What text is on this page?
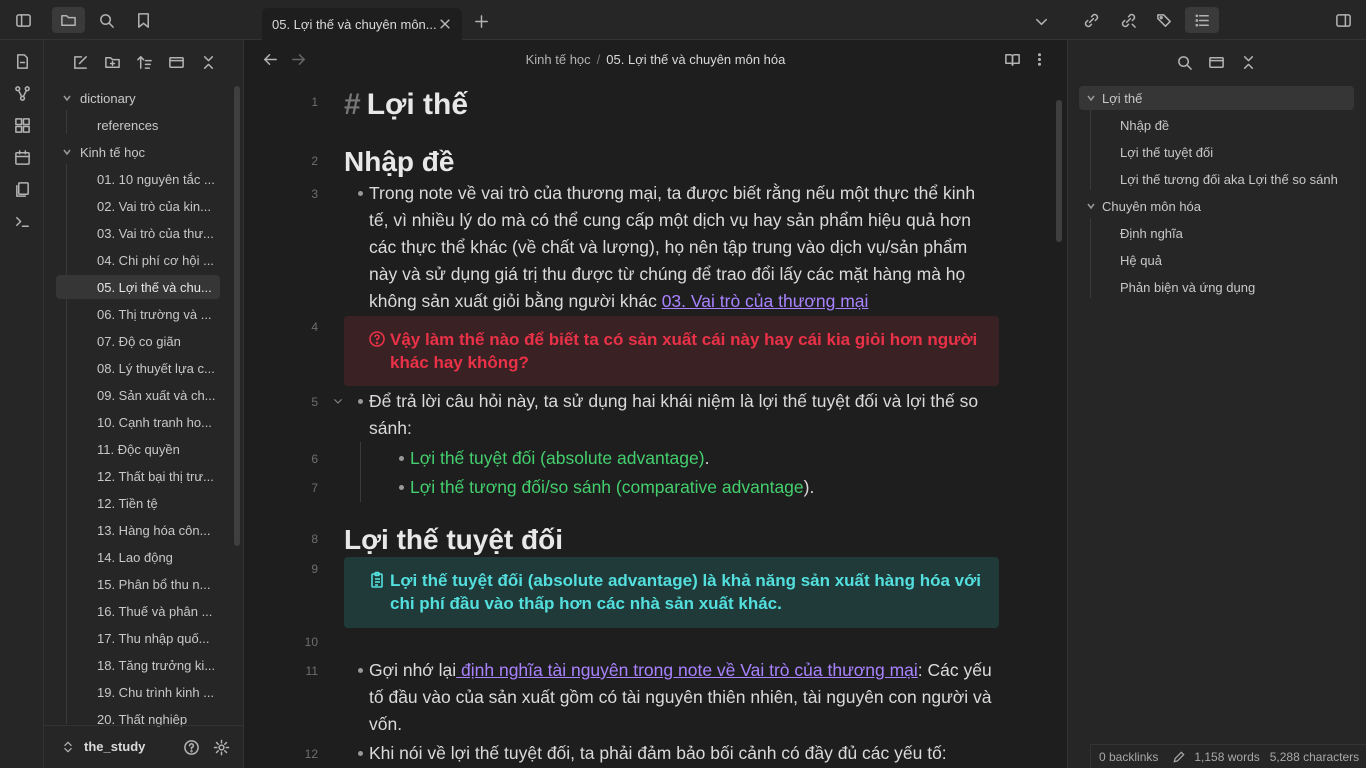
05. Lợi thế và chuyên môn...
dictionary
references
Kinh tế học
01. 10 nguyên tắc ...
02. Vai trò của kin...
03. Vai trò của thư...
04. Chi phí cơ hội ...
05. Lợi thế và chu...
06. Thị trường và ...
07. Độ co giãn
08. Lý thuyết lựa c...
09. Sản xuất và ch...
10. Cạnh tranh ho...
11. Độc quyền
12. Thất bại thị trư...
12. Tiền tệ
13. Hàng hóa côn...
14. Lao động
15. Phân bổ thu n...
16. Thuế và phân ...
17. Thu nhập quố...
18. Tăng trưởng ki...
19. Chu trình kinh ...
20. Thất nghiệp
the_study
Kinh tế học / 05. Lợi thế và chuyên môn hóa
1
2
3
4
5
6
7
8
9
10
11
12
# Lợi thế
Nhập đề
Trong note về vai trò của thương mại, ta được biết rằng nếu một thực thể kinh tế, vì nhiều lý do mà có thể cung cấp một dịch vụ hay sản phẩm hiệu quả hơn các thực thể khác (về chất và lượng), họ nên tập trung vào dịch vụ/sản phẩm này và sử dụng giá trị thu được từ chúng để trao đổi lấy các mặt hàng mà họ không sản xuất giỏi bằng người khác 03. Vai trò của thương mại
Vậy làm thế nào để biết ta có sản xuất cái này hay cái kia giỏi hơn người khác hay không?
Để trả lời câu hỏi này, ta sử dụng hai khái niệm là lợi thế tuyệt đối và lợi thế so sánh:
Lợi thế tuyệt đối (absolute advantage).
Lợi thế tương đối/so sánh (comparative advantage).
Lợi thế tuyệt đối
Lợi thế tuyệt đối (absolute advantage) là khả năng sản xuất hàng hóa với chi phí đầu vào thấp hơn các nhà sản xuất khác.
Gợi nhớ lại định nghĩa tài nguyên trong note về Vai trò của thương mại: Các yếu tố đầu vào của sản xuất gồm có tài nguyên thiên nhiên, tài nguyên con người và vốn.
Khi nói về lợi thế tuyệt đối, ta phải đảm bảo bối cảnh có đầy đủ các yếu tố:
Lợi thế
Nhập đề
Lợi thế tuyệt đối
Lợi thế tương đối aka Lợi thế so sánh
Chuyên môn hóa
Định nghĩa
Hệ quả
Phản biện và ứng dụng
0 backlinks	1,158 words 5,288 characters
